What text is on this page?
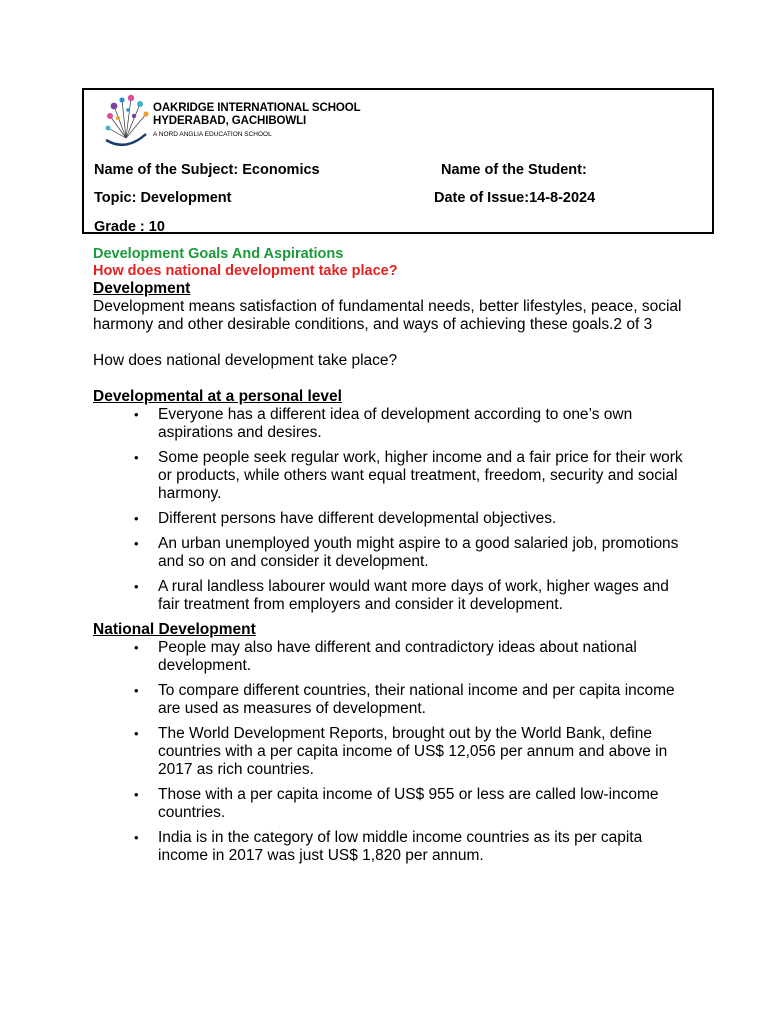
OAKRIDGE INTERNATIONAL SCHOOL
HYDERABAD, GACHIBOWLI
A NORD ANGLIA EDUCATION SCHOOL
Name of the Subject: Economics	Name of the Student:
Topic: Development	Date of Issue:14-8-2024
Grade : 10
Development Goals And Aspirations
How does national development take place?
Development

Development means satisfaction of fundamental needs, better lifestyles, peace, social harmony and other desirable conditions, and ways of achieving these goals.2 of 3

How does national development take place?

Developmental at a personal level
• Everyone has a different idea of development according to one’s own aspirations and desires.
• Some people seek regular work, higher income and a fair price for their work or products, while others want equal treatment, freedom, security and social harmony.
• Different persons have different developmental objectives.
• An urban unemployed youth might aspire to a good salaried job, promotions and so on and consider it development.
• A rural landless labourer would want more days of work, higher wages and fair treatment from employers and consider it development.
National Development
• People may also have different and contradictory ideas about national development.
• To compare different countries, their national income and per capita income are used as measures of development.
• The World Development Reports, brought out by the World Bank, define countries with a per capita income of US$ 12,056 per annum and above in 2017 as rich countries.
• Those with a per capita income of US$ 955 or less are called low-income countries.
• India is in the category of low middle income countries as its per capita income in 2017 was just US$ 1,820 per annum.
